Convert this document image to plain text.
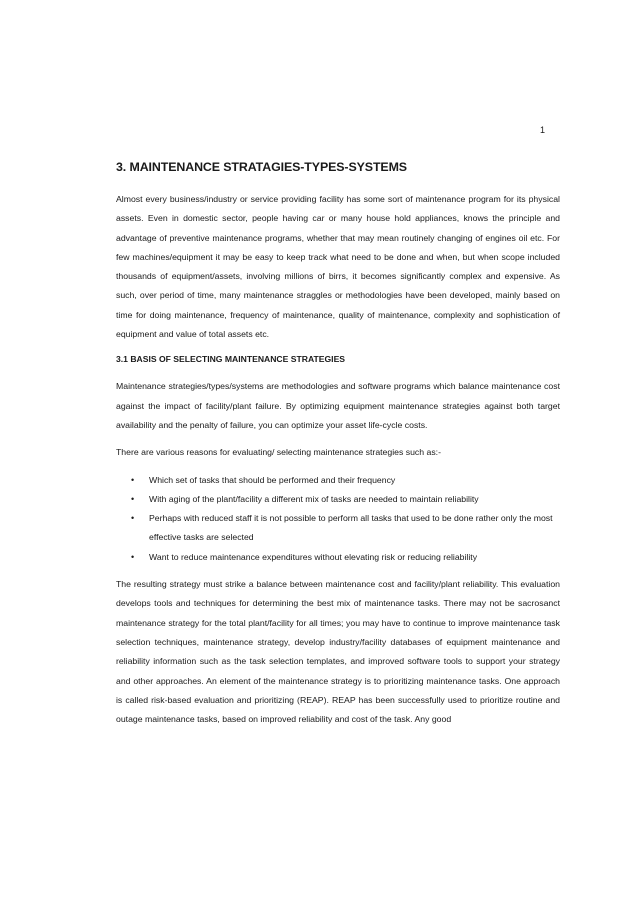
1
3. MAINTENANCE STRATAGIES-TYPES-SYSTEMS

Almost every business/industry or service providing facility has some sort of maintenance program for its physical assets. Even in domestic sector, people having car or many house hold appliances, knows the principle and advantage of preventive maintenance programs, whether that may mean routinely changing of engines oil etc. For few machines/equipment it may be easy to keep track what need to be done and when, but when scope included thousands of equipment/assets, involving millions of birrs, it becomes significantly complex and expensive. As such, over period of time, many maintenance straggles or methodologies have been developed, mainly based on time for doing maintenance, frequency of maintenance, quality of maintenance, complexity and sophistication of equipment and value of total assets etc.

3.1 BASIS OF SELECTING MAINTENANCE STRATEGIES

Maintenance strategies/types/systems are methodologies and software programs which balance maintenance cost against the impact of facility/plant failure. By optimizing equipment maintenance strategies against both target availability and the penalty of failure, you can optimize your asset life-cycle costs.

There are various reasons for evaluating/ selecting maintenance strategies such as:-

• Which set of tasks that should be performed and their frequency
• With aging of the plant/facility a different mix of tasks are needed to maintain reliability
• Perhaps with reduced staff it is not possible to perform all tasks that used to be done rather only the most effective tasks are selected
• Want to reduce maintenance expenditures without elevating risk or reducing reliability

The resulting strategy must strike a balance between maintenance cost and facility/plant reliability. This evaluation develops tools and techniques for determining the best mix of maintenance tasks. There may not be sacrosanct maintenance strategy for the total plant/facility for all times; you may have to continue to improve maintenance task selection techniques, maintenance strategy, develop industry/facility databases of equipment maintenance and reliability information such as the task selection templates, and improved software tools to support your strategy and other approaches. An element of the maintenance strategy is to prioritizing maintenance tasks. One approach is called risk-based evaluation and prioritizing (REAP). REAP has been successfully used to prioritize routine and outage maintenance tasks, based on improved reliability and cost of the task. Any good
